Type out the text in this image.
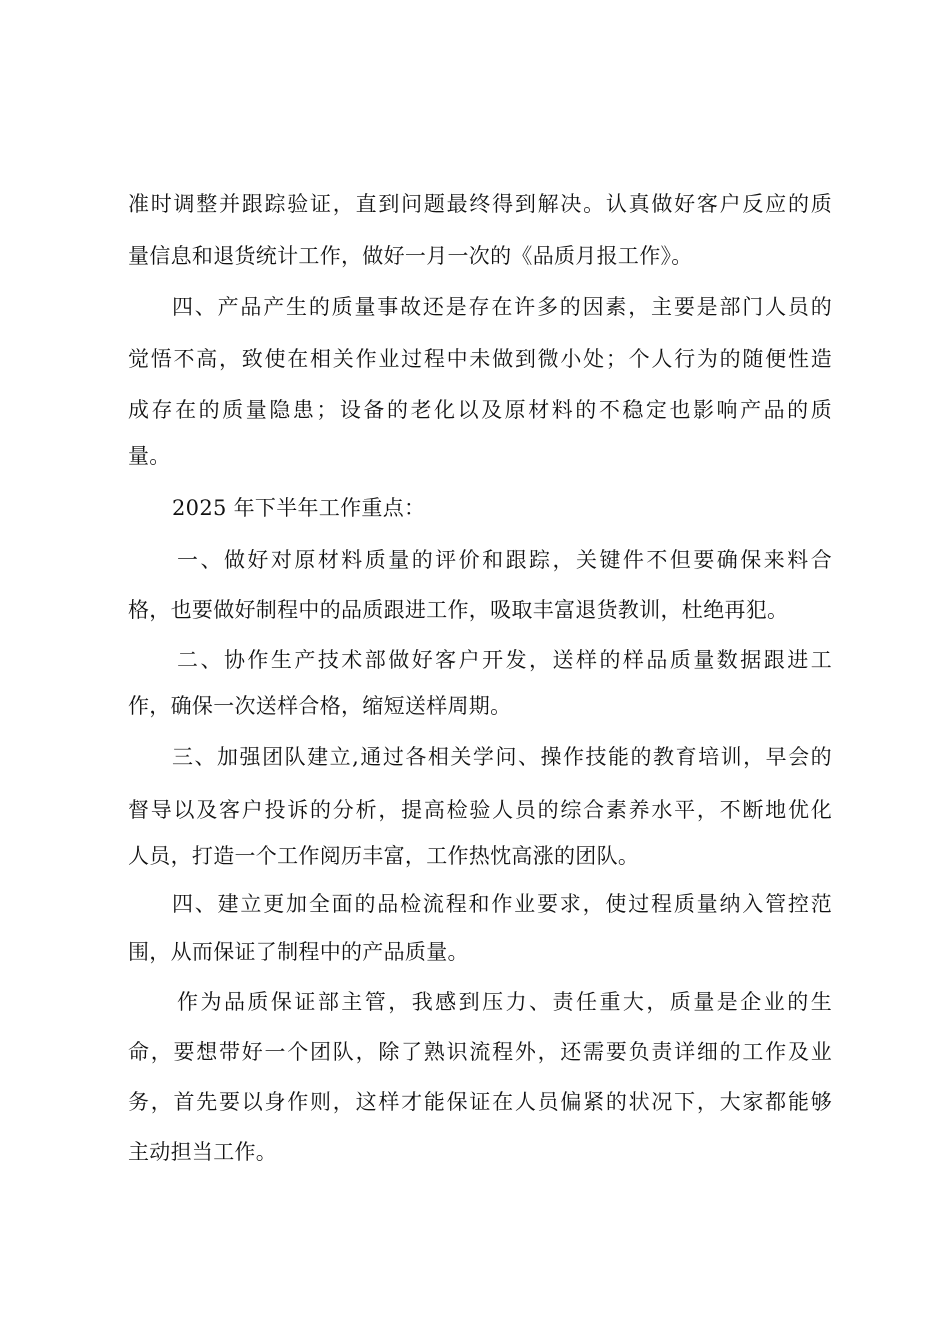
准时调整并跟踪验证，直到问题最终得到解决。认真做好客户反应的质
量信息和退货统计工作，做好一月一次的《品质月报工作》。
四、产品产生的质量事故还是存在许多的因素，主要是部门人员的
觉悟不高，致使在相关作业过程中未做到微小处；个人行为的随便性造
成存在的质量隐患；设备的老化以及原材料的不稳定也影响产品的质
量。
2025 年下半年工作重点：
一、做好对原材料质量的评价和跟踪，关键件不但要确保来料合
格，也要做好制程中的品质跟进工作，吸取丰富退货教训，杜绝再犯。
二、协作生产技术部做好客户开发，送样的样品质量数据跟进工
作，确保一次送样合格，缩短送样周期。
三、加强团队建立,通过各相关学问、操作技能的教育培训，早会的
督导以及客户投诉的分析，提高检验人员的综合素养水平，不断地优化
人员，打造一个工作阅历丰富，工作热忱高涨的团队。
四、建立更加全面的品检流程和作业要求，使过程质量纳入管控范
围，从而保证了制程中的产品质量。
作为品质保证部主管，我感到压力、责任重大，质量是企业的生
命，要想带好一个团队，除了熟识流程外，还需要负责详细的工作及业
务，首先要以身作则，这样才能保证在人员偏紧的状况下，大家都能够
主动担当工作。
